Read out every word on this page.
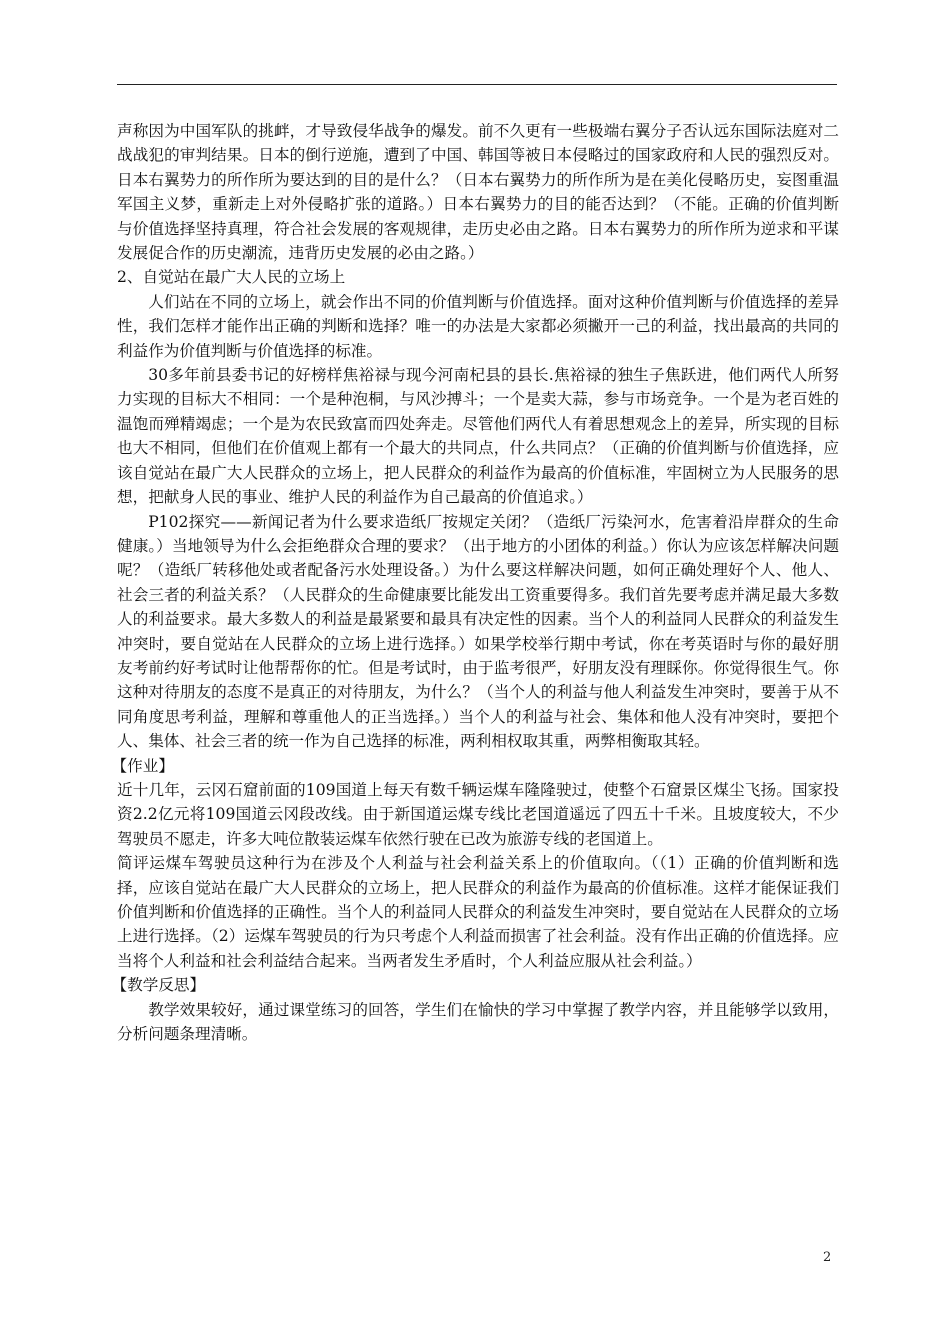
声称因为中国军队的挑衅，才导致侵华战争的爆发。前不久更有一些极端右翼分子否认远东国际法庭对二战战犯的审判结果。日本的倒行逆施，遭到了中国、韩国等被日本侵略过的国家政府和人民的强烈反对。日本右翼势力的所作所为要达到的目的是什么？（日本右翼势力的所作所为是在美化侵略历史，妄图重温军国主义梦，重新走上对外侵略扩张的道路。）日本右翼势力的目的能否达到？（不能。正确的价值判断与价值选择坚持真理，符合社会发展的客观规律，走历史必由之路。日本右翼势力的所作所为逆求和平谋发展促合作的历史潮流，违背历史发展的必由之路。）

2、自觉站在最广大人民的立场上

人们站在不同的立场上，就会作出不同的价值判断与价值选择。面对这种价值判断与价值选择的差异性，我们怎样才能作出正确的判断和选择？唯一的办法是大家都必须撇开一己的利益，找出最高的共同的利益作为价值判断与价值选择的标准。

30多年前县委书记的好榜样焦裕禄与现今河南杞县的县长.焦裕禄的独生子焦跃进，他们两代人所努力实现的目标大不相同：一个是种泡桐，与风沙搏斗；一个是卖大蒜，参与市场竞争。一个是为老百姓的温饱而殚精竭虑；一个是为农民致富而四处奔走。尽管他们两代人有着思想观念上的差异，所实现的目标也大不相同，但他们在价值观上都有一个最大的共同点，什么共同点？（正确的价值判断与价值选择，应该自觉站在最广大人民群众的立场上，把人民群众的利益作为最高的价值标准，牢固树立为人民服务的思想，把献身人民的事业、维护人民的利益作为自己最高的价值追求。）

P102探究——新闻记者为什么要求造纸厂按规定关闭？（造纸厂污染河水，危害着沿岸群众的生命健康。）当地领导为什么会拒绝群众合理的要求？（出于地方的小团体的利益。）你认为应该怎样解决问题呢？（造纸厂转移他处或者配备污水处理设备。）为什么要这样解决问题，如何正确处理好个人、他人、社会三者的利益关系？（人民群众的生命健康要比能发出工资重要得多。我们首先要考虑并满足最大多数人的利益要求。最大多数人的利益是最紧要和最具有决定性的因素。当个人的利益同人民群众的利益发生冲突时，要自觉站在人民群众的立场上进行选择。）如果学校举行期中考试，你在考英语时与你的最好朋友考前约好考试时让他帮帮你的忙。但是考试时，由于监考很严，好朋友没有理睬你。你觉得很生气。你这种对待朋友的态度不是真正的对待朋友，为什么？（当个人的利益与他人利益发生冲突时，要善于从不同角度思考利益，理解和尊重他人的正当选择。）当个人的利益与社会、集体和他人没有冲突时，要把个人、集体、社会三者的统一作为自己选择的标准，两利相权取其重，两弊相衡取其轻。

【作业】

近十几年，云冈石窟前面的109国道上每天有数千辆运煤车隆隆驶过，使整个石窟景区煤尘飞扬。国家投资2.2亿元将109国道云冈段改线。由于新国道运煤专线比老国道遥远了四五十千米。且坡度较大，不少驾驶员不愿走，许多大吨位散装运煤车依然行驶在已改为旅游专线的老国道上。

简评运煤车驾驶员这种行为在涉及个人利益与社会利益关系上的价值取向。（（1）正确的价值判断和选择，应该自觉站在最广大人民群众的立场上，把人民群众的利益作为最高的价值标准。这样才能保证我们价值判断和价值选择的正确性。当个人的利益同人民群众的利益发生冲突时，要自觉站在人民群众的立场上进行选择。（2）运煤车驾驶员的行为只考虑个人利益而损害了社会利益。没有作出正确的价值选择。应当将个人利益和社会利益结合起来。当两者发生矛盾时，个人利益应服从社会利益。）

【教学反思】

教学效果较好，通过课堂练习的回答，学生们在愉快的学习中掌握了教学内容，并且能够学以致用，分析问题条理清晰。

2
